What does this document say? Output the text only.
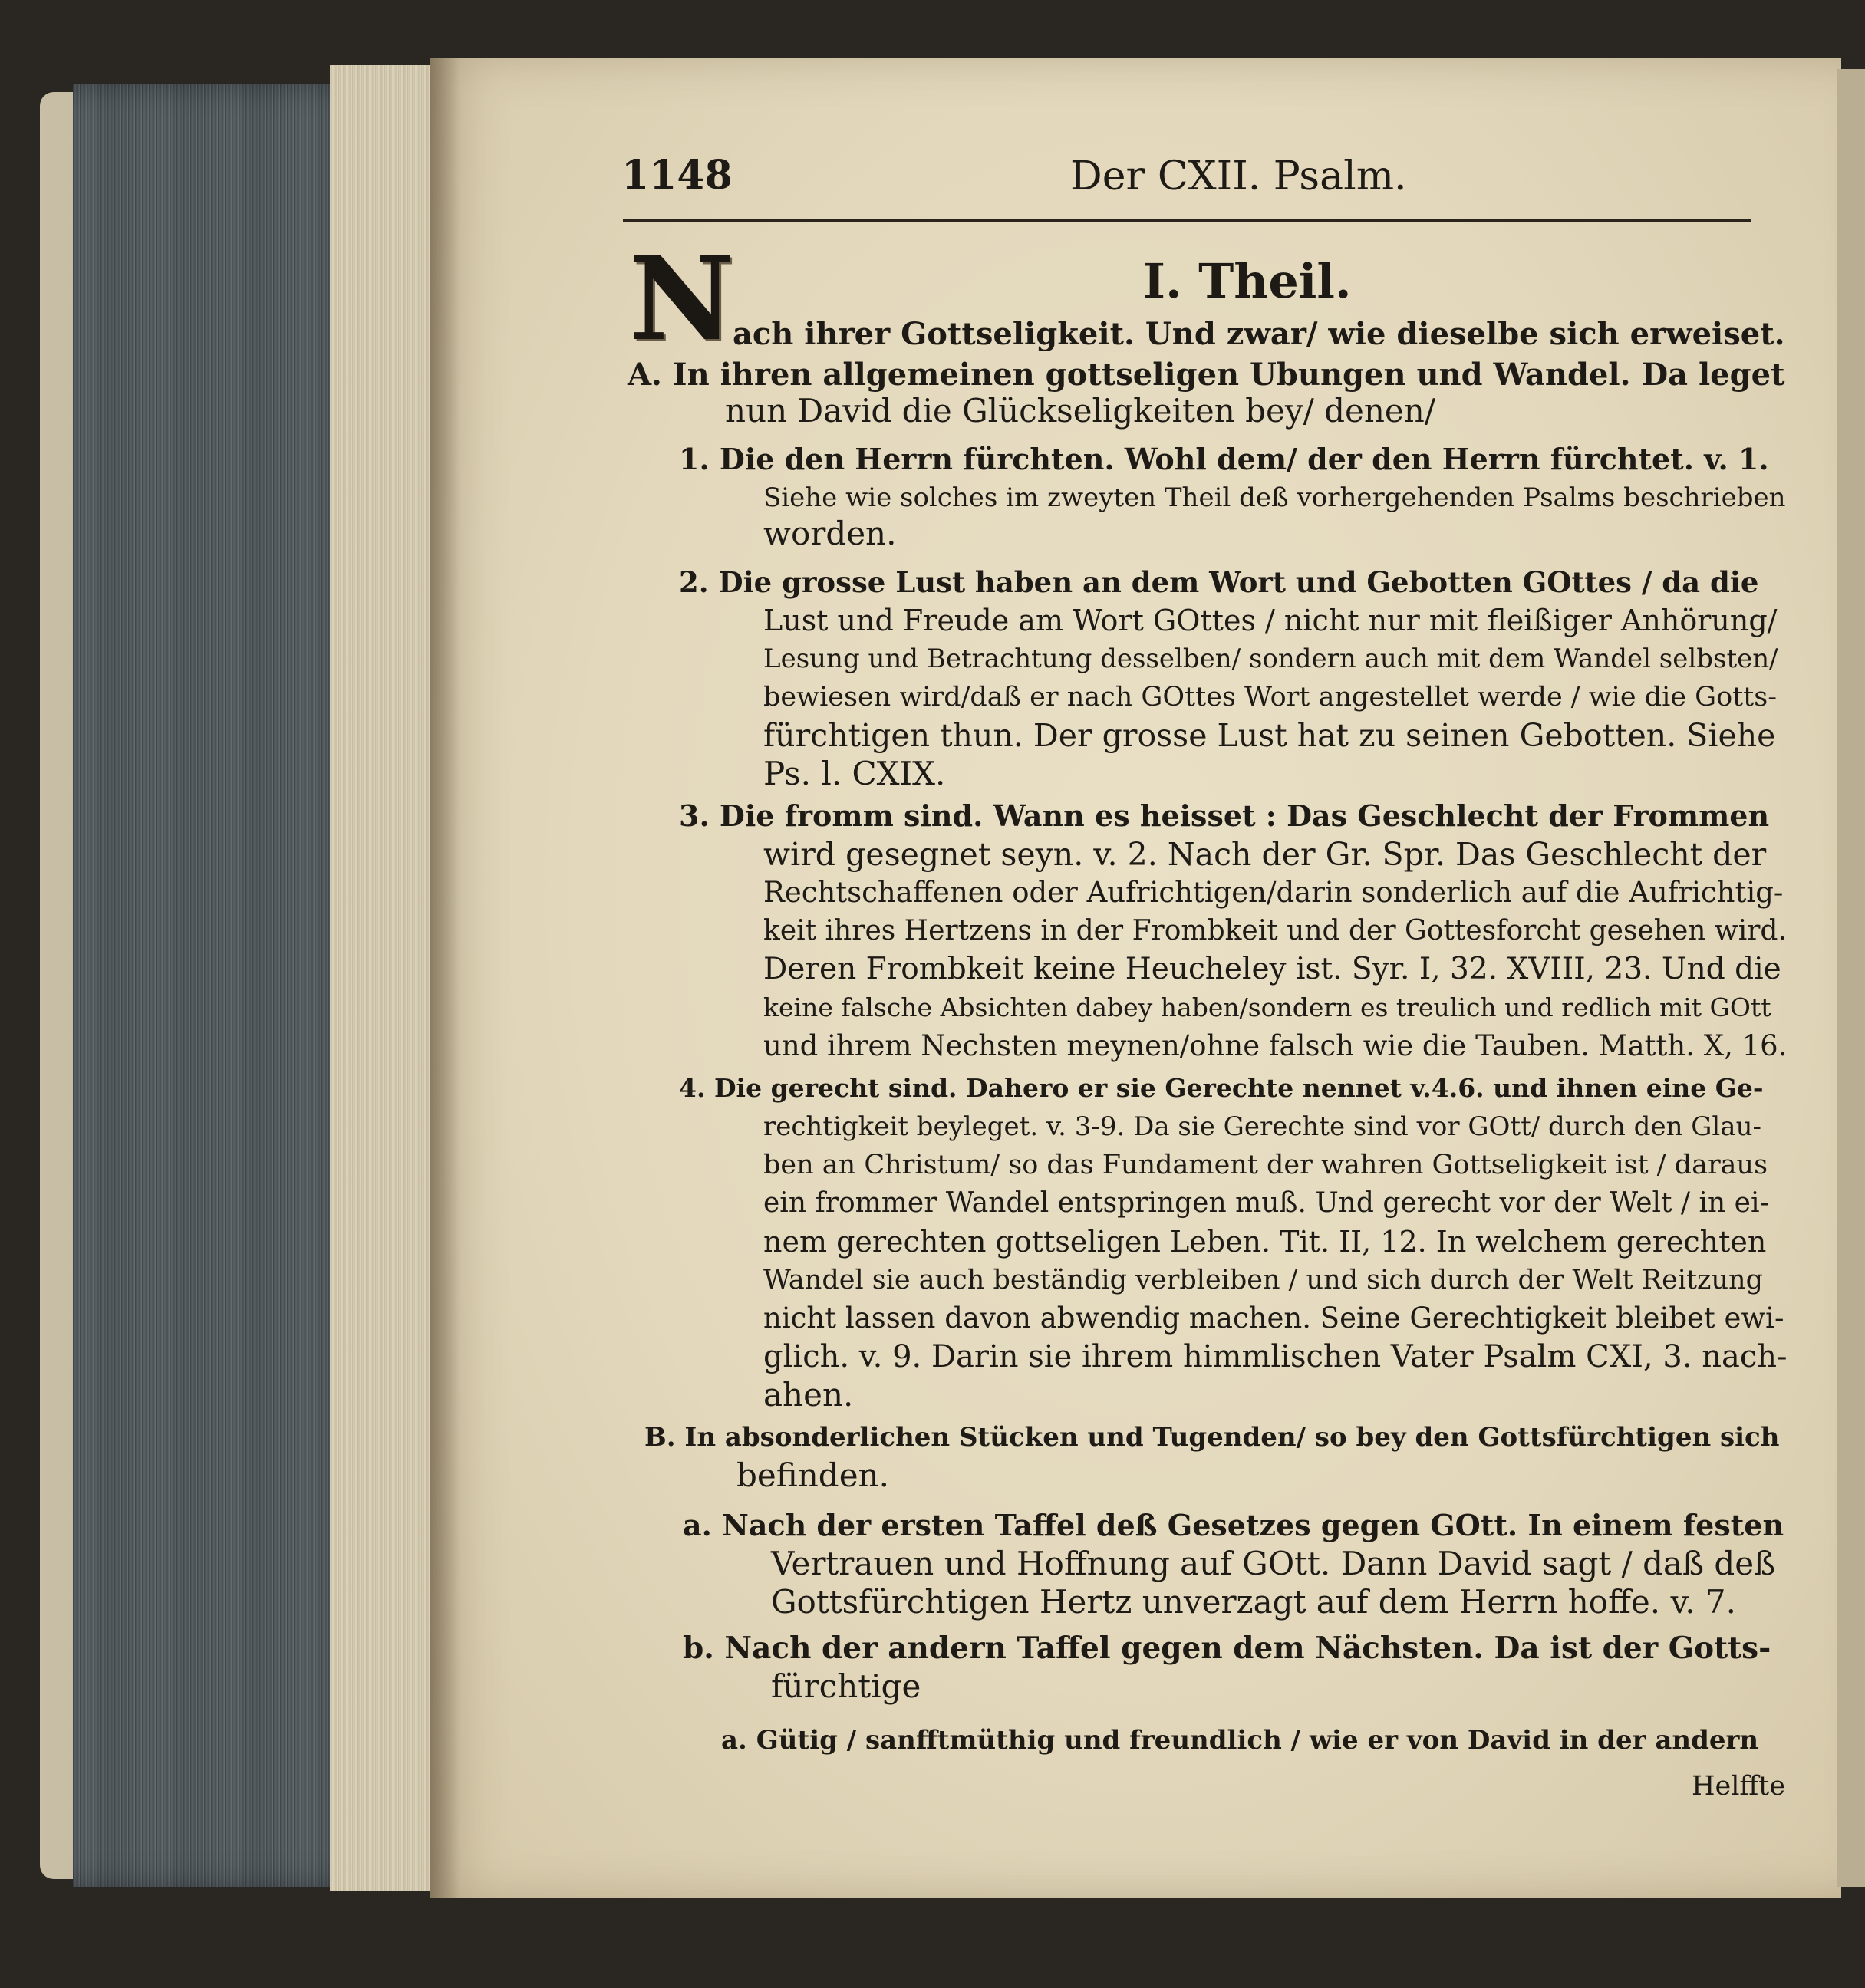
1148	Der CXII. Psalm.
I. Theil.
N
ach ihrer Gottseligkeit. Und zwar/ wie dieselbe sich erweiset.
A. In ihren allgemeinen gottseligen Ubungen und Wandel. Da leget
nun David die Glückseligkeiten bey/ denen/
1. Die den Herrn fürchten. Wohl dem/ der den Herrn fürchtet. v. 1.
Siehe wie solches im zweyten Theil deß vorhergehenden Psalms beschrieben
worden.
2. Die grosse Lust haben an dem Wort und Gebotten GOttes / da die
Lust und Freude am Wort GOttes / nicht nur mit fleißiger Anhörung/
Lesung und Betrachtung desselben/ sondern auch mit dem Wandel selbsten/
bewiesen wird/daß er nach GOttes Wort angestellet werde / wie die Gotts-
fürchtigen thun. Der grosse Lust hat zu seinen Gebotten. Siehe
Ps. l. CXIX.
3. Die fromm sind. Wann es heisset : Das Geschlecht der Frommen
wird gesegnet seyn. v. 2. Nach der Gr. Spr. Das Geschlecht der
Rechtschaffenen oder Aufrichtigen/darin sonderlich auf die Aufrichtig-
keit ihres Hertzens in der Frombkeit und der Gottesforcht gesehen wird.
Deren Frombkeit keine Heucheley ist. Syr. I, 32. XVIII, 23. Und die
keine falsche Absichten dabey haben/sondern es treulich und redlich mit GOtt
und ihrem Nechsten meynen/ohne falsch wie die Tauben. Matth. X, 16.
4. Die gerecht sind. Dahero er sie Gerechte nennet v.4.6. und ihnen eine Ge-
rechtigkeit beyleget. v. 3-9. Da sie Gerechte sind vor GOtt/ durch den Glau-
ben an Christum/ so das Fundament der wahren Gottseligkeit ist / daraus
ein frommer Wandel entspringen muß. Und gerecht vor der Welt / in ei-
nem gerechten gottseligen Leben. Tit. II, 12. In welchem gerechten
Wandel sie auch beständig verbleiben / und sich durch der Welt Reitzung
nicht lassen davon abwendig machen. Seine Gerechtigkeit bleibet ewi-
glich. v. 9. Darin sie ihrem himmlischen Vater Psalm CXI, 3. nach-
ahen.
B. In absonderlichen Stücken und Tugenden/ so bey den Gottsfürchtigen sich
befinden.
a. Nach der ersten Taffel deß Gesetzes gegen GOtt. In einem festen
Vertrauen und Hoffnung auf GOtt. Dann David sagt / daß deß
Gottsfürchtigen Hertz unverzagt auf dem Herrn hoffe. v. 7.
b. Nach der andern Taffel gegen dem Nächsten. Da ist der Gotts-
fürchtige
a. Gütig / sanfftmüthig und freundlich / wie er von David in der andern
Helffte
